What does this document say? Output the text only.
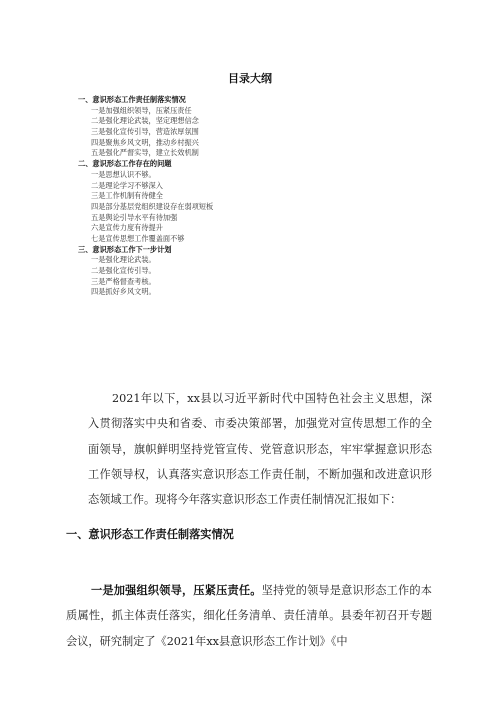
目录大纲
一、意识形态工作责任制落实情况
一是加强组织领导，压紧压责任
二是强化理论武装，坚定理想信念
三是强化宣传引导，营造浓厚氛围
四是聚焦乡风文明，推动乡村振兴
五是强化严督实导，建立长效机制
二、意识形态工作存在的问题
一是思想认识不够。
二是理论学习不够深入
三是工作机制有待健全
四是部分基层党组织建设存在弱项短板
五是舆论引导水平有待加强
六是宣传力度有待提升
七是宣传思想工作覆盖面不够
三、意识形态工作下一步计划
一是强化理论武装。
二是强化宣传引导。
三是严格督查考核。
四是抓好乡风文明。

2021年以下，xx县以习近平新时代中国特色社会主义思想，深入贯彻落实中央和省委、市委决策部署，加强党对宣传思想工作的全面领导，旗帜鲜明坚持党管宣传、党管意识形态，牢牢掌握意识形态工作领导权，认真落实意识形态工作责任制，不断加强和改进意识形态领域工作。现将今年落实意识形态工作责任制情况汇报如下：

一、意识形态工作责任制落实情况

一是加强组织领导，压紧压责任。坚持党的领导是意识形态工作的本质属性，抓主体责任落实，细化任务清单、责任清单。县委年初召开专题会议，研究制定了《2021年xx县意识形态工作计划》《中
